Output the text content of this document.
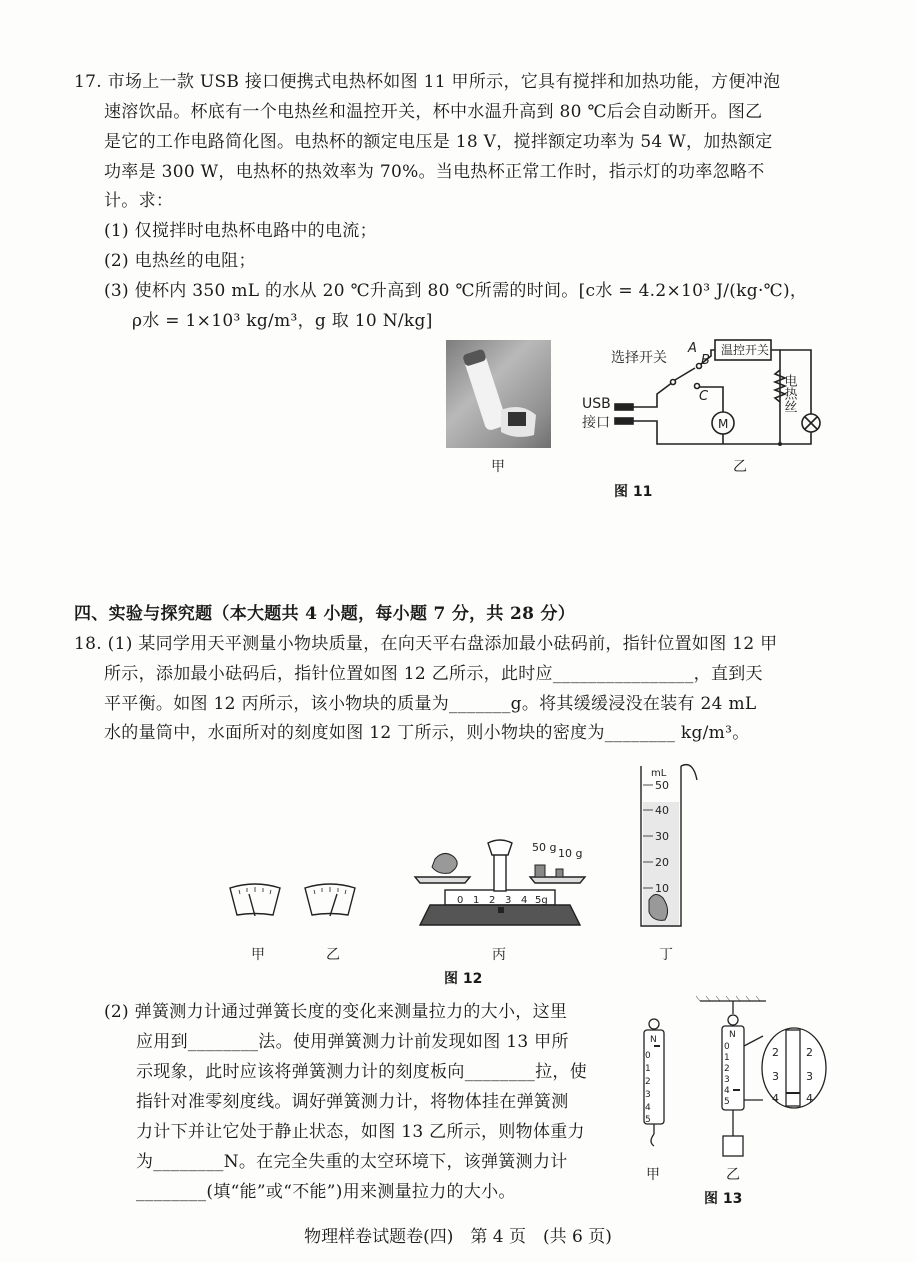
17. 市场上一款 USB 接口便携式电热杯如图 11 甲所示，它具有搅拌和加热功能，方便冲泡
速溶饮品。杯底有一个电热丝和温控开关，杯中水温升高到 80 ℃后会自动断开。图乙
是它的工作电路简化图。电热杯的额定电压是 18 V，搅拌额定功率为 54 W，加热额定
功率是 300 W，电热杯的热效率为 70%。当电热杯正常工作时，指示灯的功率忽略不
计。求：
(1) 仅搅拌时电热杯电路中的电流；
(2) 电热丝的电阻；
(3) 使杯内 350 mL 的水从 20 ℃升高到 80 ℃所需的时间。[c水 = 4.2×10³ J/(kg·℃)，
ρ水 = 1×10³ kg/m³，g 取 10 N/kg]
甲
温控开关
选择开关
A
B
C
USB
接口	M
电热丝
乙
图 11
四、实验与探究题（本大题共 4 小题，每小题 7 分，共 28 分）
18. (1) 某同学用天平测量小物块质量，在向天平右盘添加最小砝码前，指针位置如图 12 甲
所示，添加最小砝码后，指针位置如图 12 乙所示，此时应________________，直到天
平平衡。如图 12 丙所示，该小物块的质量为_______g。将其缓缓浸没在装有 24 mL
水的量筒中，水面所对的刻度如图 12 丁所示，则小物块的密度为________ kg/m³。
甲	乙
50 g 10 g
0 1 2 3 4 5g
丙
mL
50
40
30
20
10
丁
图 12
(2) 弹簧测力计通过弹簧长度的变化来测量拉力的大小，这里
应用到________法。使用弹簧测力计前发现如图 13 甲所
示现象，此时应该将弹簧测力计的刻度板向________拉，使
指针对准零刻度线。调好弹簧测力计，将物体挂在弹簧测
力计下并让它处于静止状态，如图 13 乙所示，则物体重力
为________N。在完全失重的太空环境下，该弹簧测力计
________(填“能”或“不能”)用来测量拉力的大小。
N
0
1
2
3
4
5
N
0
1
2
3
4
5
2
3
4
2
3
4
甲	乙
图 13
物理样卷试题卷(四)　第 4 页　(共 6 页)
